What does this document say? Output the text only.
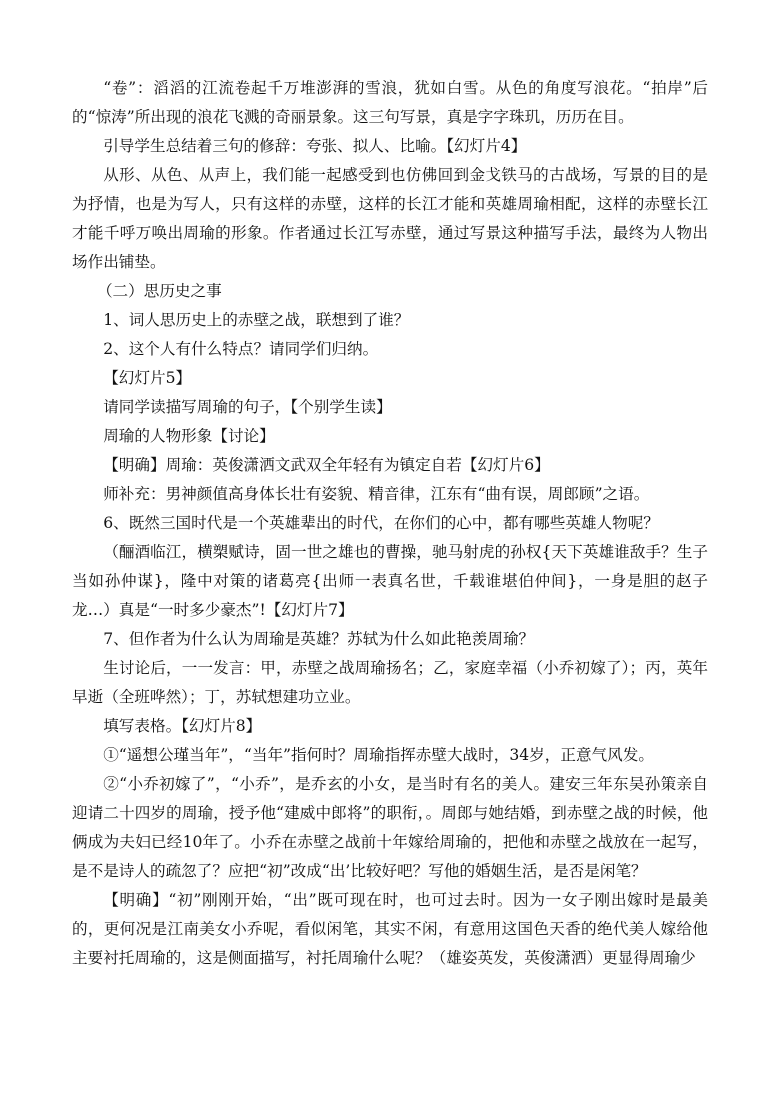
“卷”：滔滔的江流卷起千万堆澎湃的雪浪，犹如白雪。从色的角度写浪花。“拍岸”后的“惊涛”所出现的浪花飞溅的奇丽景象。这三句写景，真是字字珠玑，历历在目。

引导学生总结着三句的修辞：夸张、拟人、比喻。【幻灯片4】

从形、从色、从声上，我们能一起感受到也仿佛回到金戈铁马的古战场，写景的目的是为抒情，也是为写人，只有这样的赤壁，这样的长江才能和英雄周瑜相配，这样的赤壁长江才能千呼万唤出周瑜的形象。作者通过长江写赤壁，通过写景这种描写手法，最终为人物出场作出铺垫。

（二）思历史之事

1、词人思历史上的赤壁之战，联想到了谁？

2、这个人有什么特点？请同学们归纳。

【幻灯片5】

请同学读描写周瑜的句子，【个别学生读】

周瑜的人物形象【讨论】

【明确】周瑜：英俊潇洒文武双全年轻有为镇定自若【幻灯片6】

师补充：男神颜值高身体长壮有姿貌、精音律，江东有“曲有误，周郎顾”之语。

6、既然三国时代是一个英雄辈出的时代，在你们的心中，都有哪些英雄人物呢？

（酾酒临江，横槊赋诗，固一世之雄也的曹操，驰马射虎的孙权{天下英雄谁敌手？生子当如孙仲谋}，隆中对策的诸葛亮{出师一表真名世，千载谁堪伯仲间}，一身是胆的赵子龙…）真是“一时多少豪杰”!【幻灯片7】

7、但作者为什么认为周瑜是英雄？苏轼为什么如此艳羡周瑜？

生讨论后，一一发言：甲，赤壁之战周瑜扬名；乙，家庭幸福（小乔初嫁了）；丙，英年早逝（全班哗然）；丁，苏轼想建功立业。

填写表格。【幻灯片8】

①“遥想公瑾当年”，“当年”指何时？周瑜指挥赤壁大战时，34岁，正意气风发。

②“小乔初嫁了”，“小乔”，是乔玄的小女，是当时有名的美人。建安三年东吴孙策亲自迎请二十四岁的周瑜，授予他“建威中郎将”的职衔，。周郎与她结婚，到赤壁之战的时候，他俩成为夫妇已经10年了。小乔在赤壁之战前十年嫁给周瑜的，把他和赤壁之战放在一起写，是不是诗人的疏忽了？应把“初”改成“出’比较好吧？写他的婚姻生活，是否是闲笔？

【明确】“初”刚刚开始，“出”既可现在时，也可过去时。因为一女子刚出嫁时是最美的，更何况是江南美女小乔呢，看似闲笔，其实不闲，有意用这国色天香的绝代美人嫁给他主要衬托周瑜的，这是侧面描写，衬托周瑜什么呢？（雄姿英发，英俊潇洒）更显得周瑜少
